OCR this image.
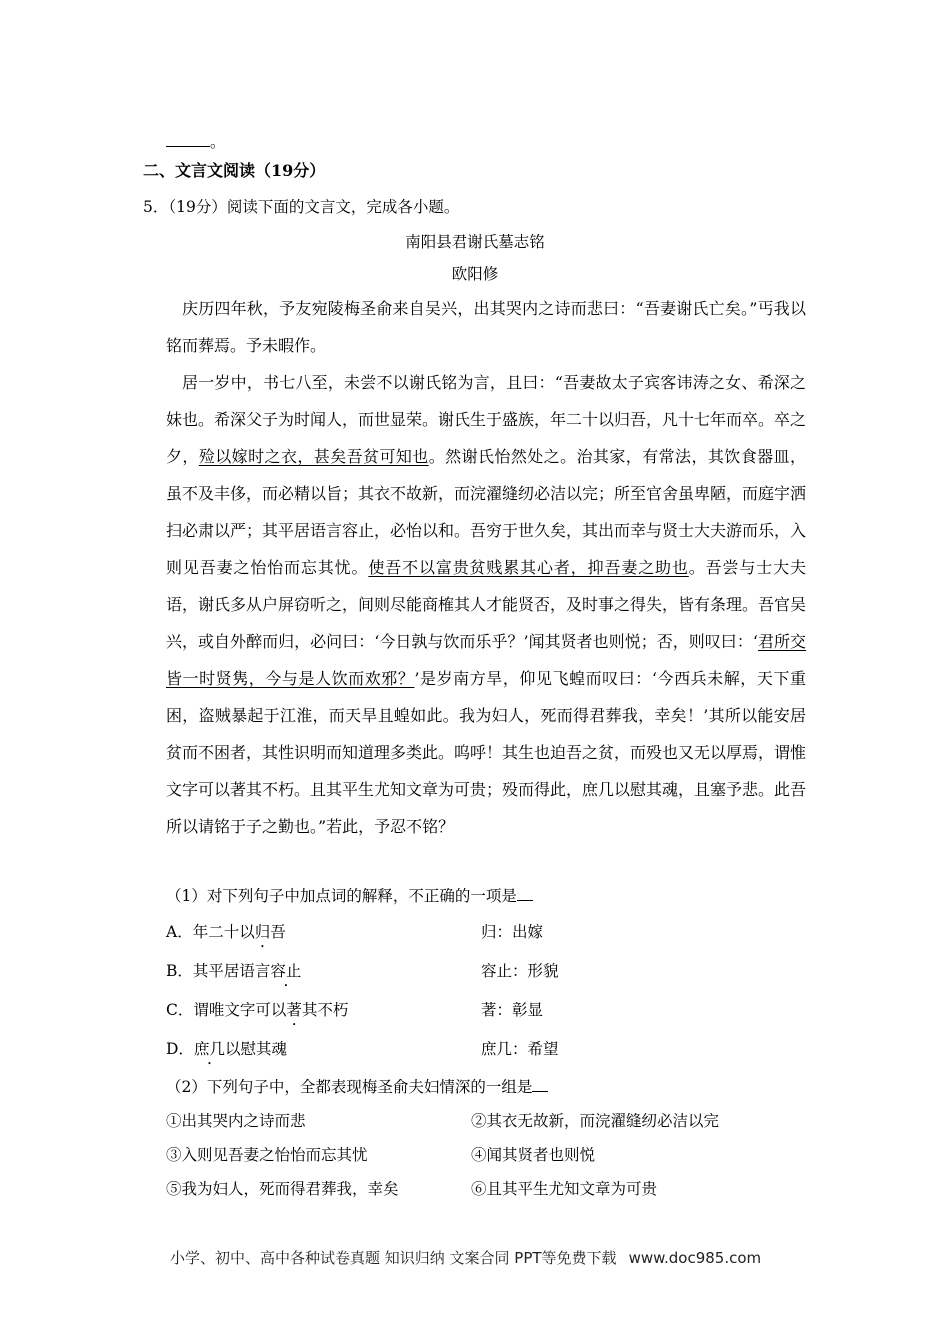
。
二、文言文阅读（19分）
5．（19分）阅读下面的文言文，完成各小题。
南阳县君谢氏墓志铭
欧阳修
庆历四年秋，予友宛陵梅圣俞来自吴兴，出其哭内之诗而悲曰：“吾妻谢氏亡矣。”丐我以铭而葬焉。予未暇作。
居一岁中，书七八至，未尝不以谢氏铭为言，且曰：“吾妻故太子宾客讳涛之女、希深之妹也。希深父子为时闻人，而世显荣。谢氏生于盛族，年二十以归吾，凡十七年而卒。卒之夕，殓以嫁时之衣，甚矣吾贫可知也。然谢氏怡然处之。治其家，有常法，其饮食器皿，虽不及丰侈，而必精以旨；其衣不故新，而浣濯缝纫必洁以完；所至官舍虽卑陋，而庭宇洒扫必肃以严；其平居语言容止，必怡以和。吾穷于世久矣，其出而幸与贤士大夫游而乐，入则见吾妻之怡怡而忘其忧。使吾不以富贵贫贱累其心者，抑吾妻之助也。吾尝与士大夫语，谢氏多从户屏窃听之，间则尽能商榷其人才能贤否，及时事之得失，皆有条理。吾官吴兴，或自外醉而归，必问曰：‘今日孰与饮而乐乎？’闻其贤者也则悦；否，则叹曰：‘君所交皆一时贤隽，今与是人饮而欢邪？’是岁南方旱，仰见飞蝗而叹曰：‘今西兵未解，天下重困，盗贼暴起于江淮，而天旱且蝗如此。我为妇人，死而得君葬我，幸矣！’其所以能安居贫而不困者，其性识明而知道理多类此。呜呼！其生也迫吾之贫，而殁也又无以厚焉，谓惟文字可以著其不朽。且其平生尤知文章为可贵；殁而得此，庶几以慰其魂，且塞予悲。此吾所以请铭于子之勤也。”若此，予忍不铭？
（1）对下列句子中加点词的解释，不正确的一项是
A．年二十以归吾	归：出嫁
B．其平居语言容止	容止：形貌
C．谓唯文字可以著其不朽	著：彰显
D．庶几以慰其魂	庶几：希望
（2）下列句子中，全都表现梅圣俞夫妇情深的一组是
①出其哭内之诗而悲	②其衣无故新，而浣濯缝纫必洁以完
③入则见吾妻之怡怡而忘其忧	④闻其贤者也则悦
⑤我为妇人，死而得君葬我，幸矣	⑥且其平生尤知文章为可贵
小学、初中、高中各种试卷真题 知识归纳 文案合同 PPT等免费下载 www.doc985.com
